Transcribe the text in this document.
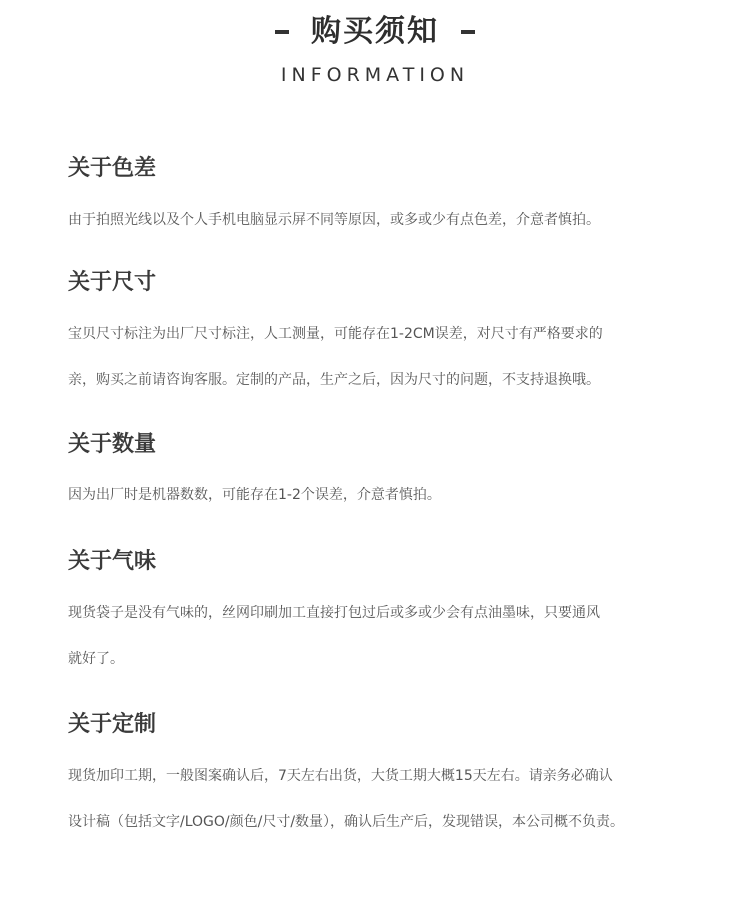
购买须知
INFORMATION
关于色差

由于拍照光线以及个人手机电脑显示屏不同等原因，或多或少有点色差，介意者慎拍。

关于尺寸

宝贝尺寸标注为出厂尺寸标注，人工测量，可能存在1-2CM误差，对尺寸有严格要求的

亲，购买之前请咨询客服。定制的产品，生产之后，因为尺寸的问题，不支持退换哦。

关于数量

因为出厂时是机器数数，可能存在1-2个误差，介意者慎拍。

关于气味

现货袋子是没有气味的，丝网印刷加工直接打包过后或多或少会有点油墨味，只要通风

就好了。

关于定制

现货加印工期，一般图案确认后，7天左右出货，大货工期大概15天左右。请亲务必确认

设计稿（包括文字/LOGO/颜色/尺寸/数量），确认后生产后，发现错误，本公司概不负责。
